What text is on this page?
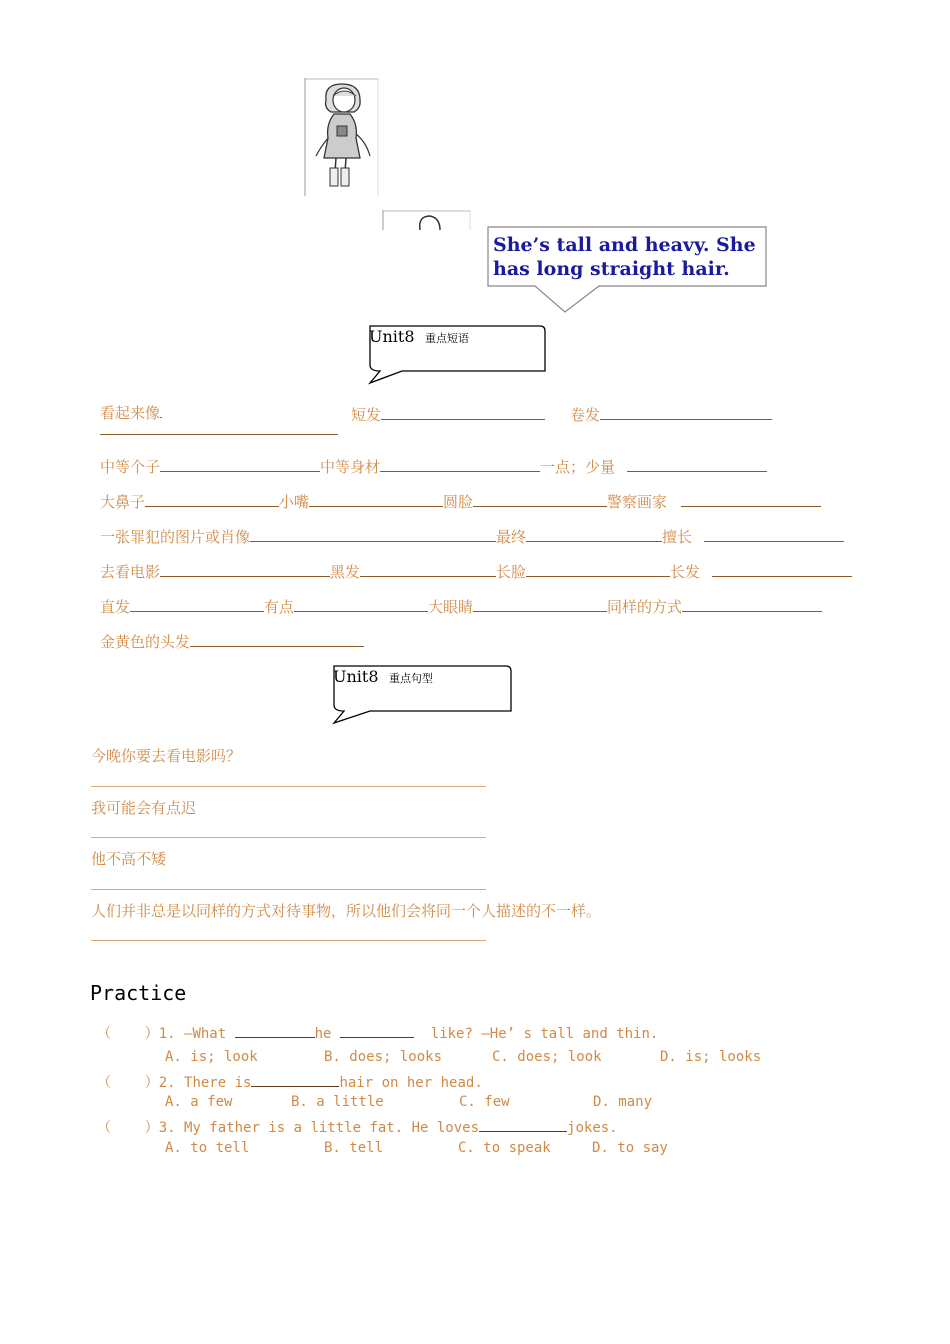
She’s tall and heavy. She
has long straight hair.
Unit8 重点短语
看起来像	短发	卷发
中等个子	中等身材	一点；少量
大鼻子	小嘴	圆脸	警察画家
一张罪犯的图片或肖像	最终	擅长
去看电影	黑发	长脸	长发
直发	有点	大眼睛	同样的方式
金黄色的头发
Unit8 重点句型
今晚你要去看电影吗？
我可能会有点迟
他不高不矮
人们并非总是以同样的方式对待事物，所以他们会将同一个人描述的不一样。
Practice
（    ）1. —What	he	like? —He’ s tall and thin.
A. is; look	B. does; looks	C. does; look	D. is; looks
（    ）2. There is	hair on her head.
A. a few	B. a little	C. few	D. many
（    ）3. My father is a little fat. He loves	jokes.
A. to tell	B. tell	C. to speak	D. to say
